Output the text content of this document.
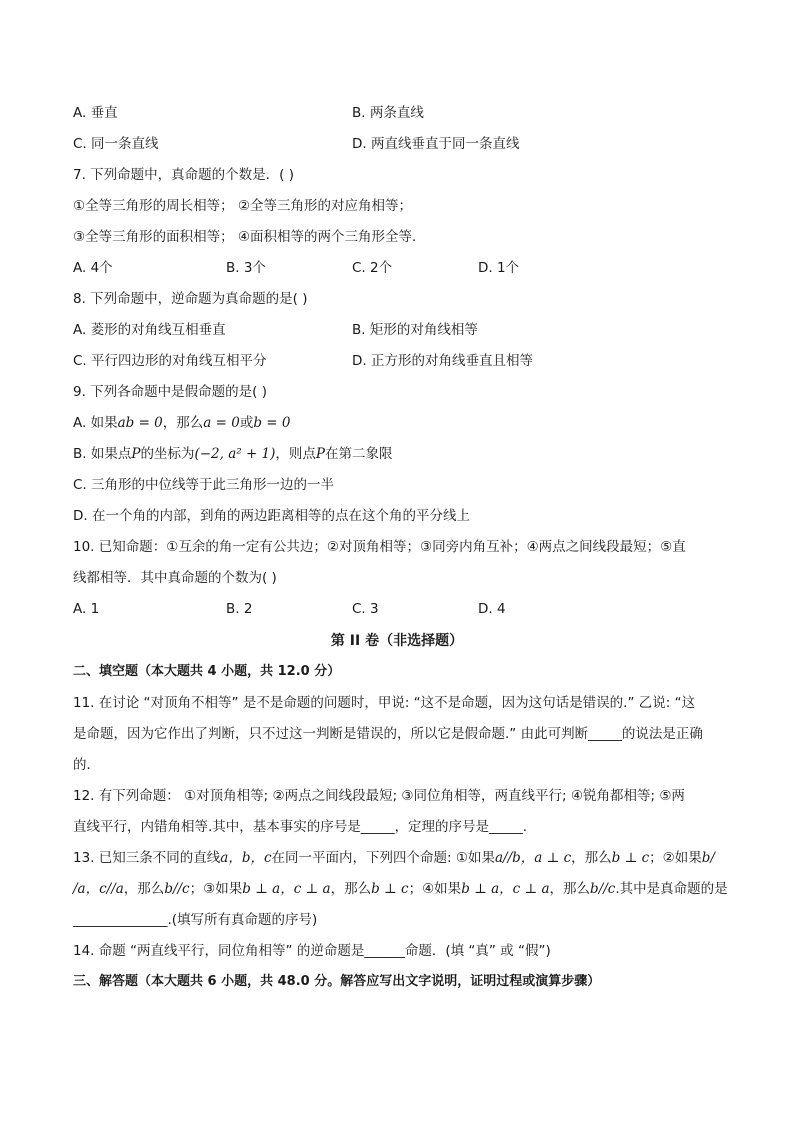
A. 垂直	B. 两条直线
C. 同一条直线	D. 两直线垂直于同一条直线
7. 下列命题中，真命题的个数是．( )
①全等三角形的周长相等； ②全等三角形的对应角相等；
③全等三角形的面积相等； ④面积相等的两个三角形全等．
A. 4个	B. 3个	C. 2个	D. 1个
8. 下列命题中，逆命题为真命题的是( )
A. 菱形的对角线互相垂直	B. 矩形的对角线相等
C. 平行四边形的对角线互相平分	D. 正方形的对角线垂直且相等
9. 下列各命题中是假命题的是( )
A. 如果ab = 0，那么a = 0或b = 0
B. 如果点P的坐标为(−2, a² + 1)，则点P在第二象限
C. 三角形的中位线等于此三角形一边的一半
D. 在一个角的内部，到角的两边距离相等的点在这个角的平分线上
10. 已知命题：①互余的角一定有公共边；②对顶角相等；③同旁内角互补；④两点之间线段最短；⑤直
线都相等．其中真命题的个数为( )
A. 1	B. 2	C. 3	D. 4
第 II 卷（非选择题）
二、填空题（本大题共 4 小题，共 12.0 分）
11. 在讨论 “对顶角不相等” 是不是命题的问题时，甲说: “这不是命题，因为这句话是错误的.” 乙说: “这
是命题，因为它作出了判断，只不过这一判断是错误的，所以它是假命题.” 由此可判断_____的说法是正确
的．
12. 有下列命题： ①对顶角相等; ②两点之间线段最短; ③同位角相等，两直线平行; ④锐角都相等; ⑤两
直线平行，内错角相等.其中，基本事实的序号是_____，定理的序号是_____.
13. 已知三条不同的直线a，b，c在同一平面内，下列四个命题: ①如果a//b，a ⊥ c，那么b ⊥ c；②如果b/
/a，c//a，那么b//c；③如果b ⊥ a，c ⊥ a，那么b ⊥ c；④如果b ⊥ a，c ⊥ a，那么b//c.其中是真命题的是
______________.(填写所有真命题的序号)
14. 命题 “两直线平行，同位角相等” 的逆命题是______命题．(填 “真” 或 “假”)
三、解答题（本大题共 6 小题，共 48.0 分。解答应写出文字说明，证明过程或演算步骤）
